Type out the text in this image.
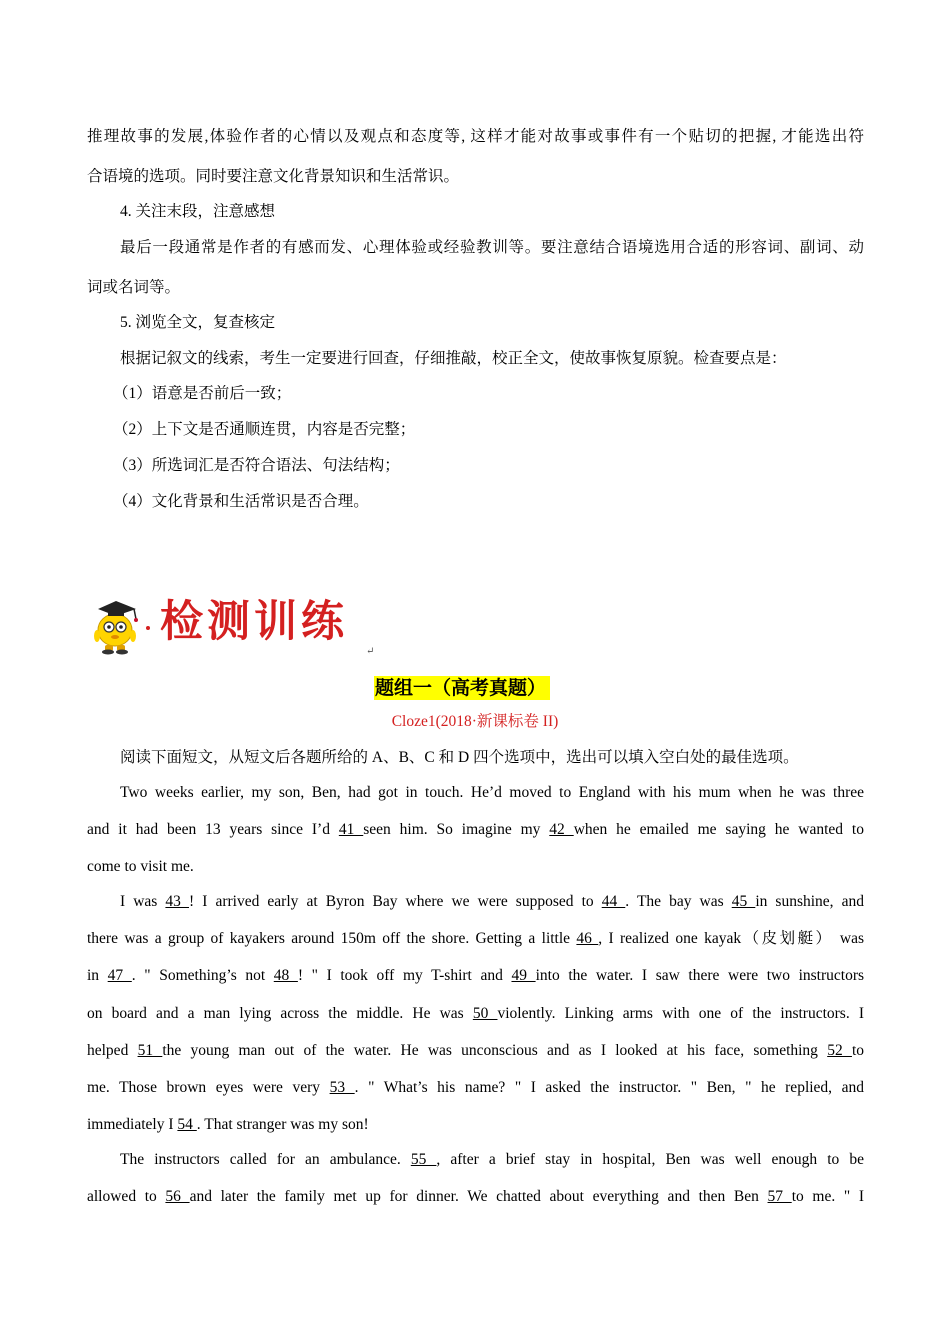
推理故事的发展,体验作者的心情以及观点和态度等, 这样才能对故事或事件有一个贴切的把握, 才能选出符
合语境的选项。同时要注意文化背景知识和生活常识。
4. 关注末段，注意感想
最后一段通常是作者的有感而发、心理体验或经验教训等。要注意结合语境选用合适的形容词、副词、动
词或名词等。
5. 浏览全文，复查核定
根据记叙文的线索，考生一定要进行回查，仔细推敲，校正全文，使故事恢复原貌。检查要点是：
（1）语意是否前后一致；
（2）上下文是否通顺连贯，内容是否完整；
（3）所选词汇是否符合语法、句法结构；
（4）文化背景和生活常识是否合理。
检测训练
↵
题组一（高考真题）
Cloze1(2018·新课标卷 II)
阅读下面短文，从短文后各题所给的 A、B、C 和 D 四个选项中，选出可以填入空白处的最佳选项。
Two weeks earlier, my son, Ben, had got in touch. He’d moved to England with his mum when he was three
and it had been 13 years since I’d 41 seen him. So imagine my 42 when he emailed me saying he wanted to
come to visit me.
I was 43 ! I arrived early at Byron Bay where we were supposed to 44 . The bay was 45 in sunshine, and
there was a group of kayakers around 150m off the shore. Getting a little 46 , I realized one kayak（皮划艇） was
in 47 . " Something’s not 48 ! " I took off my T-shirt and 49 into the water. I saw there were two instructors
on board and a man lying across the middle. He was 50 violently. Linking arms with one of the instructors. I
helped 51 the young man out of the water. He was unconscious and as I looked at his face, something 52 to
me. Those brown eyes were very 53 . " What’s his name? " I asked the instructor. " Ben, " he replied, and
immediately I 54 . That stranger was my son!
The instructors called for an ambulance. 55 , after a brief stay in hospital, Ben was well enough to be
allowed to 56 and later the family met up for dinner. We chatted about everything and then Ben 57 to me. " I
